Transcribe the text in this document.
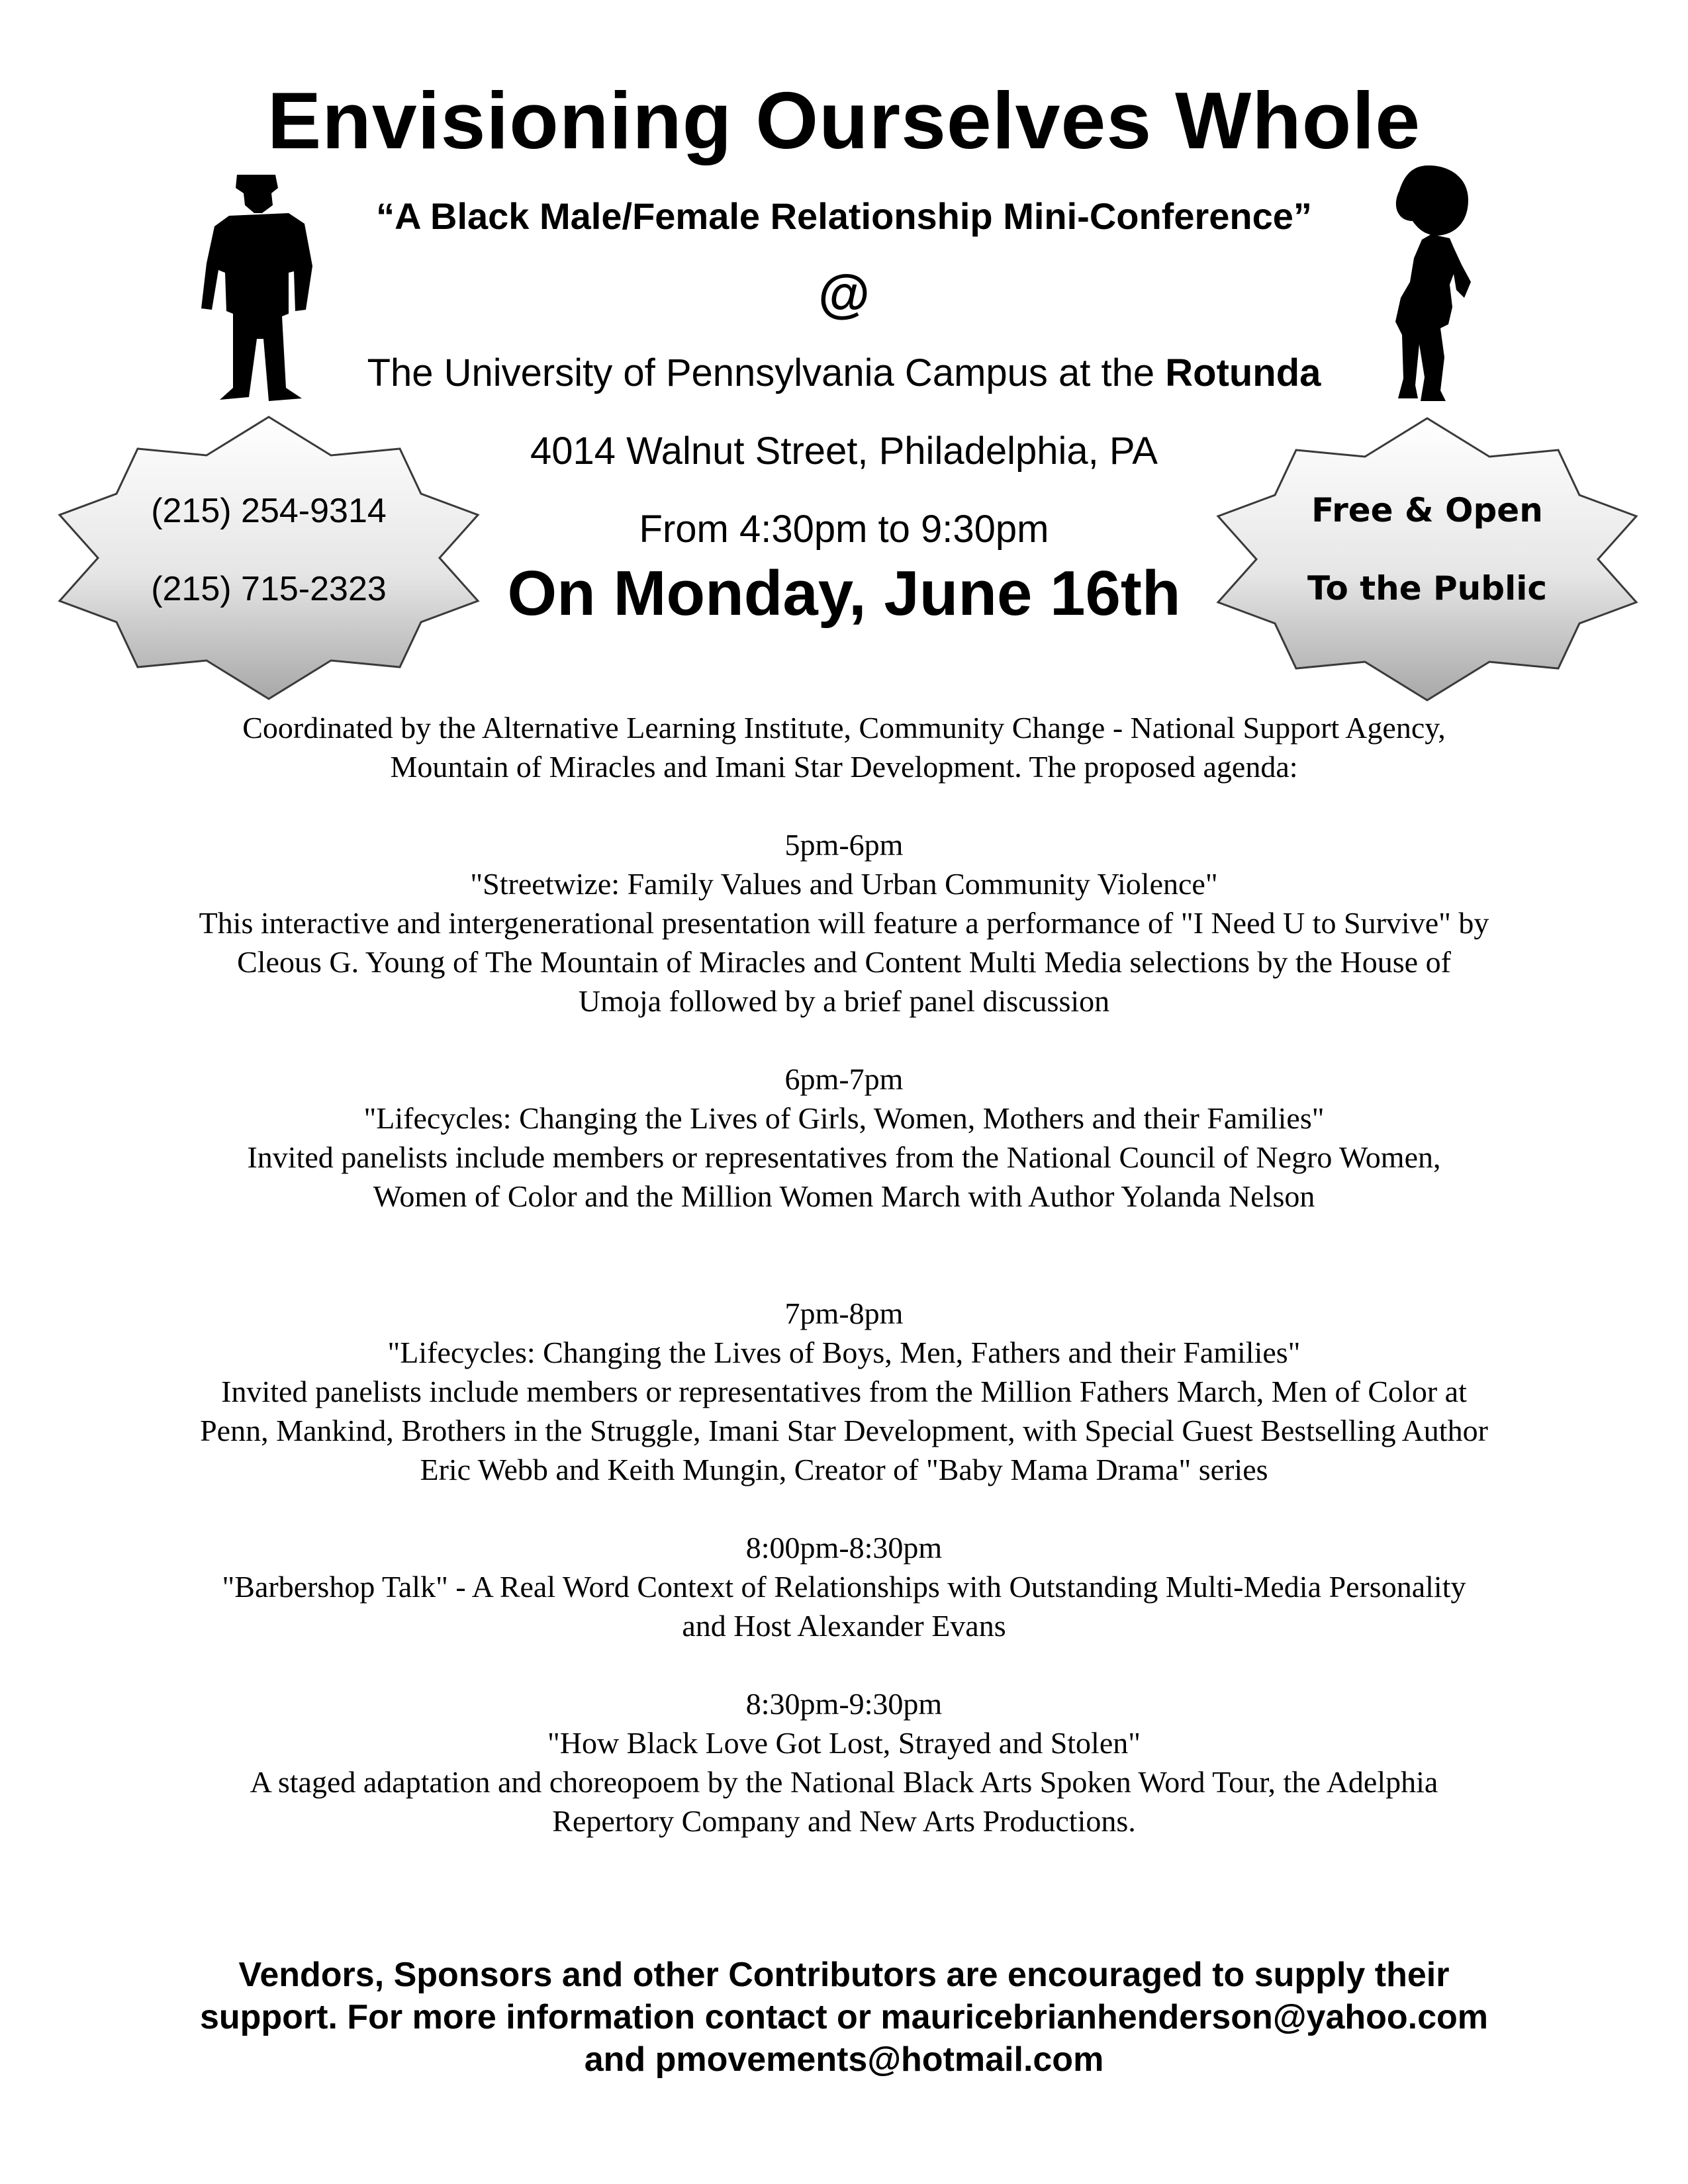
Envisioning Ourselves Whole
“A Black Male/Female Relationship Mini-Conference”
@
The University of Pennsylvania Campus at the Rotunda
4014 Walnut Street, Philadelphia, PA
From 4:30pm to 9:30pm
On Monday, June 16th
(215) 254-9314
(215) 715-2323
Free & Open
To the Public
Coordinated by the Alternative Learning Institute, Community Change - National Support Agency,
Mountain of Miracles and Imani Star Development. The proposed agenda:
5pm-6pm
"Streetwize: Family Values and Urban Community Violence"
This interactive and intergenerational presentation will feature a performance of "I Need U to Survive" by
Cleous G. Young of The Mountain of Miracles and Content Multi Media selections by the House of
Umoja followed by a brief panel discussion
6pm-7pm
"Lifecycles: Changing the Lives of Girls, Women, Mothers and their Families"
Invited panelists include members or representatives from the National Council of Negro Women,
Women of Color and the Million Women March with Author Yolanda Nelson
7pm-8pm
"Lifecycles: Changing the Lives of Boys, Men, Fathers and their Families"
Invited panelists include members or representatives from the Million Fathers March, Men of Color at
Penn, Mankind, Brothers in the Struggle, Imani Star Development, with Special Guest Bestselling Author
Eric Webb and Keith Mungin, Creator of "Baby Mama Drama" series
8:00pm-8:30pm
"Barbershop Talk" - A Real Word Context of Relationships with Outstanding Multi-Media Personality
and Host Alexander Evans
8:30pm-9:30pm
"How Black Love Got Lost, Strayed and Stolen"
A staged adaptation and choreopoem by the National Black Arts Spoken Word Tour, the Adelphia
Repertory Company and New Arts Productions.
Vendors, Sponsors and other Contributors are encouraged to supply their
support. For more information contact or mauricebrianhenderson@yahoo.com
and pmovements@hotmail.com
